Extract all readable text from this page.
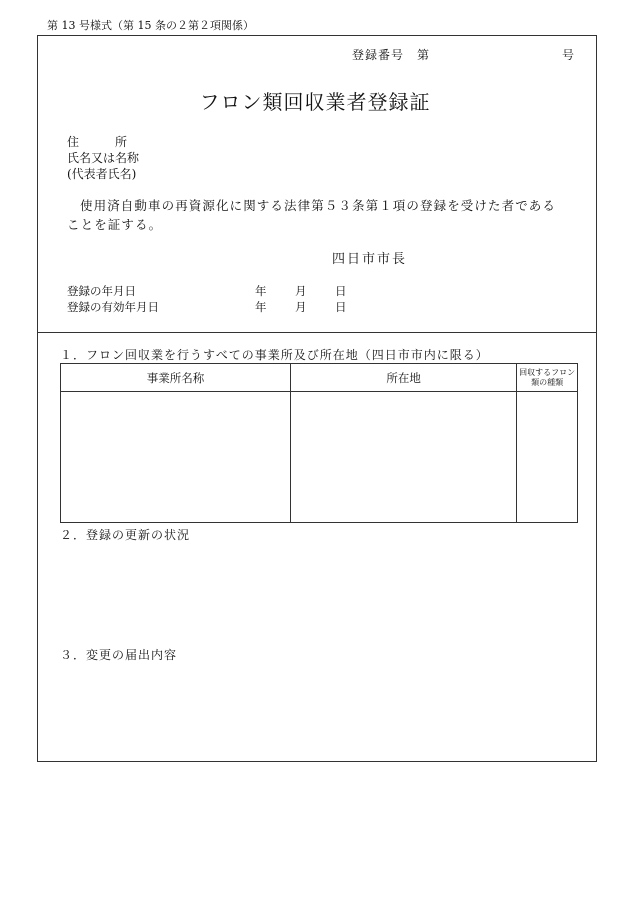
第 13 号様式（第 15 条の２第２項関係）
登録番号　第	号
フロン類回収業者登録証
住　　　所
氏名又は名称
(代表者氏名)
使用済自動車の再資源化に関する法律第５３条第１項の登録を受けた者であることを証する。
四日市市長
登録の年月日	年 月 日
登録の有効年月日	年 月 日
１．フロン回収業を行うすべての事業所及び所在地（四日市市内に限る）
事業所名称	所在地	回収するフロン類の種類

２．登録の更新の状況
３．変更の届出内容
